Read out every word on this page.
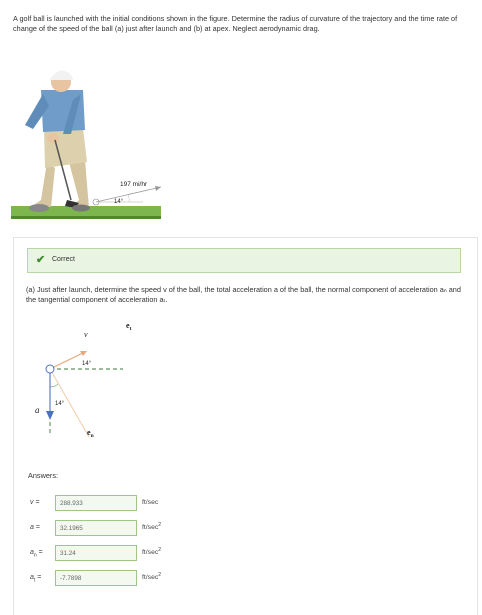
A golf ball is launched with the initial conditions shown in the figure. Determine the radius of curvature of the trajectory and the time rate of change of the speed of the ball (a) just after launch and (b) at apex. Neglect aerodynamic drag.
197 mi/hr
14°
✔ Correct
(a) Just after launch, determine the speed v of the ball, the total acceleration a of the ball, the normal component of acceleration aₙ and the tangential component of acceleration aₜ.
v
$e_t$
14°
14°
a
$e_n$
Answers:
v =	288.933	ft/sec
a =	32.1965	$ft/\sec^2$
$a_n$ =	31.24	$ft/\sec^2$
$a_t$ =	-7.7898	$ft/\sec^2$
